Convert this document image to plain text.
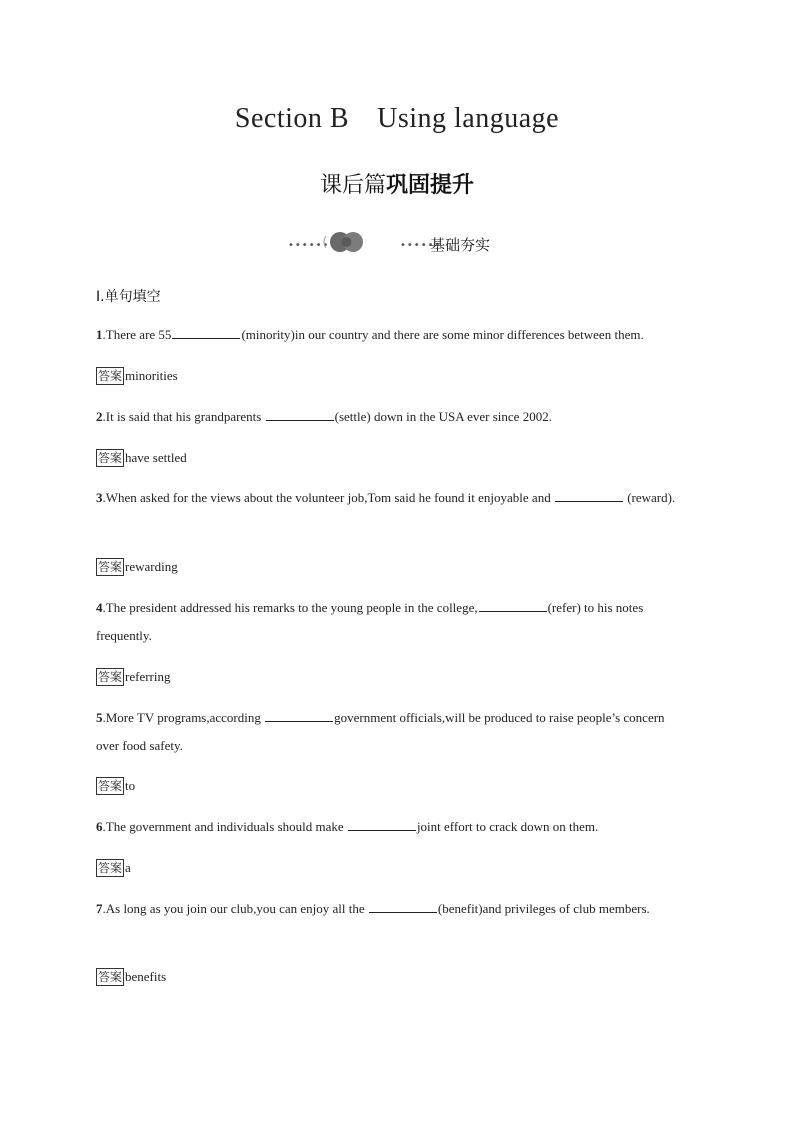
Section B Using language
课后篇巩固提升
••••••	••••••
基础夯实
Ⅰ.单句填空
1.There are 55	(minority)in our country and there are some minor differences between them.
答案 minorities
2.It is said that his grandparents	(settle) down in the USA ever since 2002.
答案 have settled
3.When asked for the views about the volunteer job,Tom said he found it enjoyable and	(reward).
答案 rewarding
4.The president addressed his remarks to the young people in the college,	(refer) to his notes frequently.
答案 referring
5.More TV programs,according	government officials,will be produced to raise people’s concern over food safety.
答案 to
6.The government and individuals should make	joint effort to crack down on them.
答案 a
7.As long as you join our club,you can enjoy all the	(benefit)and privileges of club members.
答案 benefits
